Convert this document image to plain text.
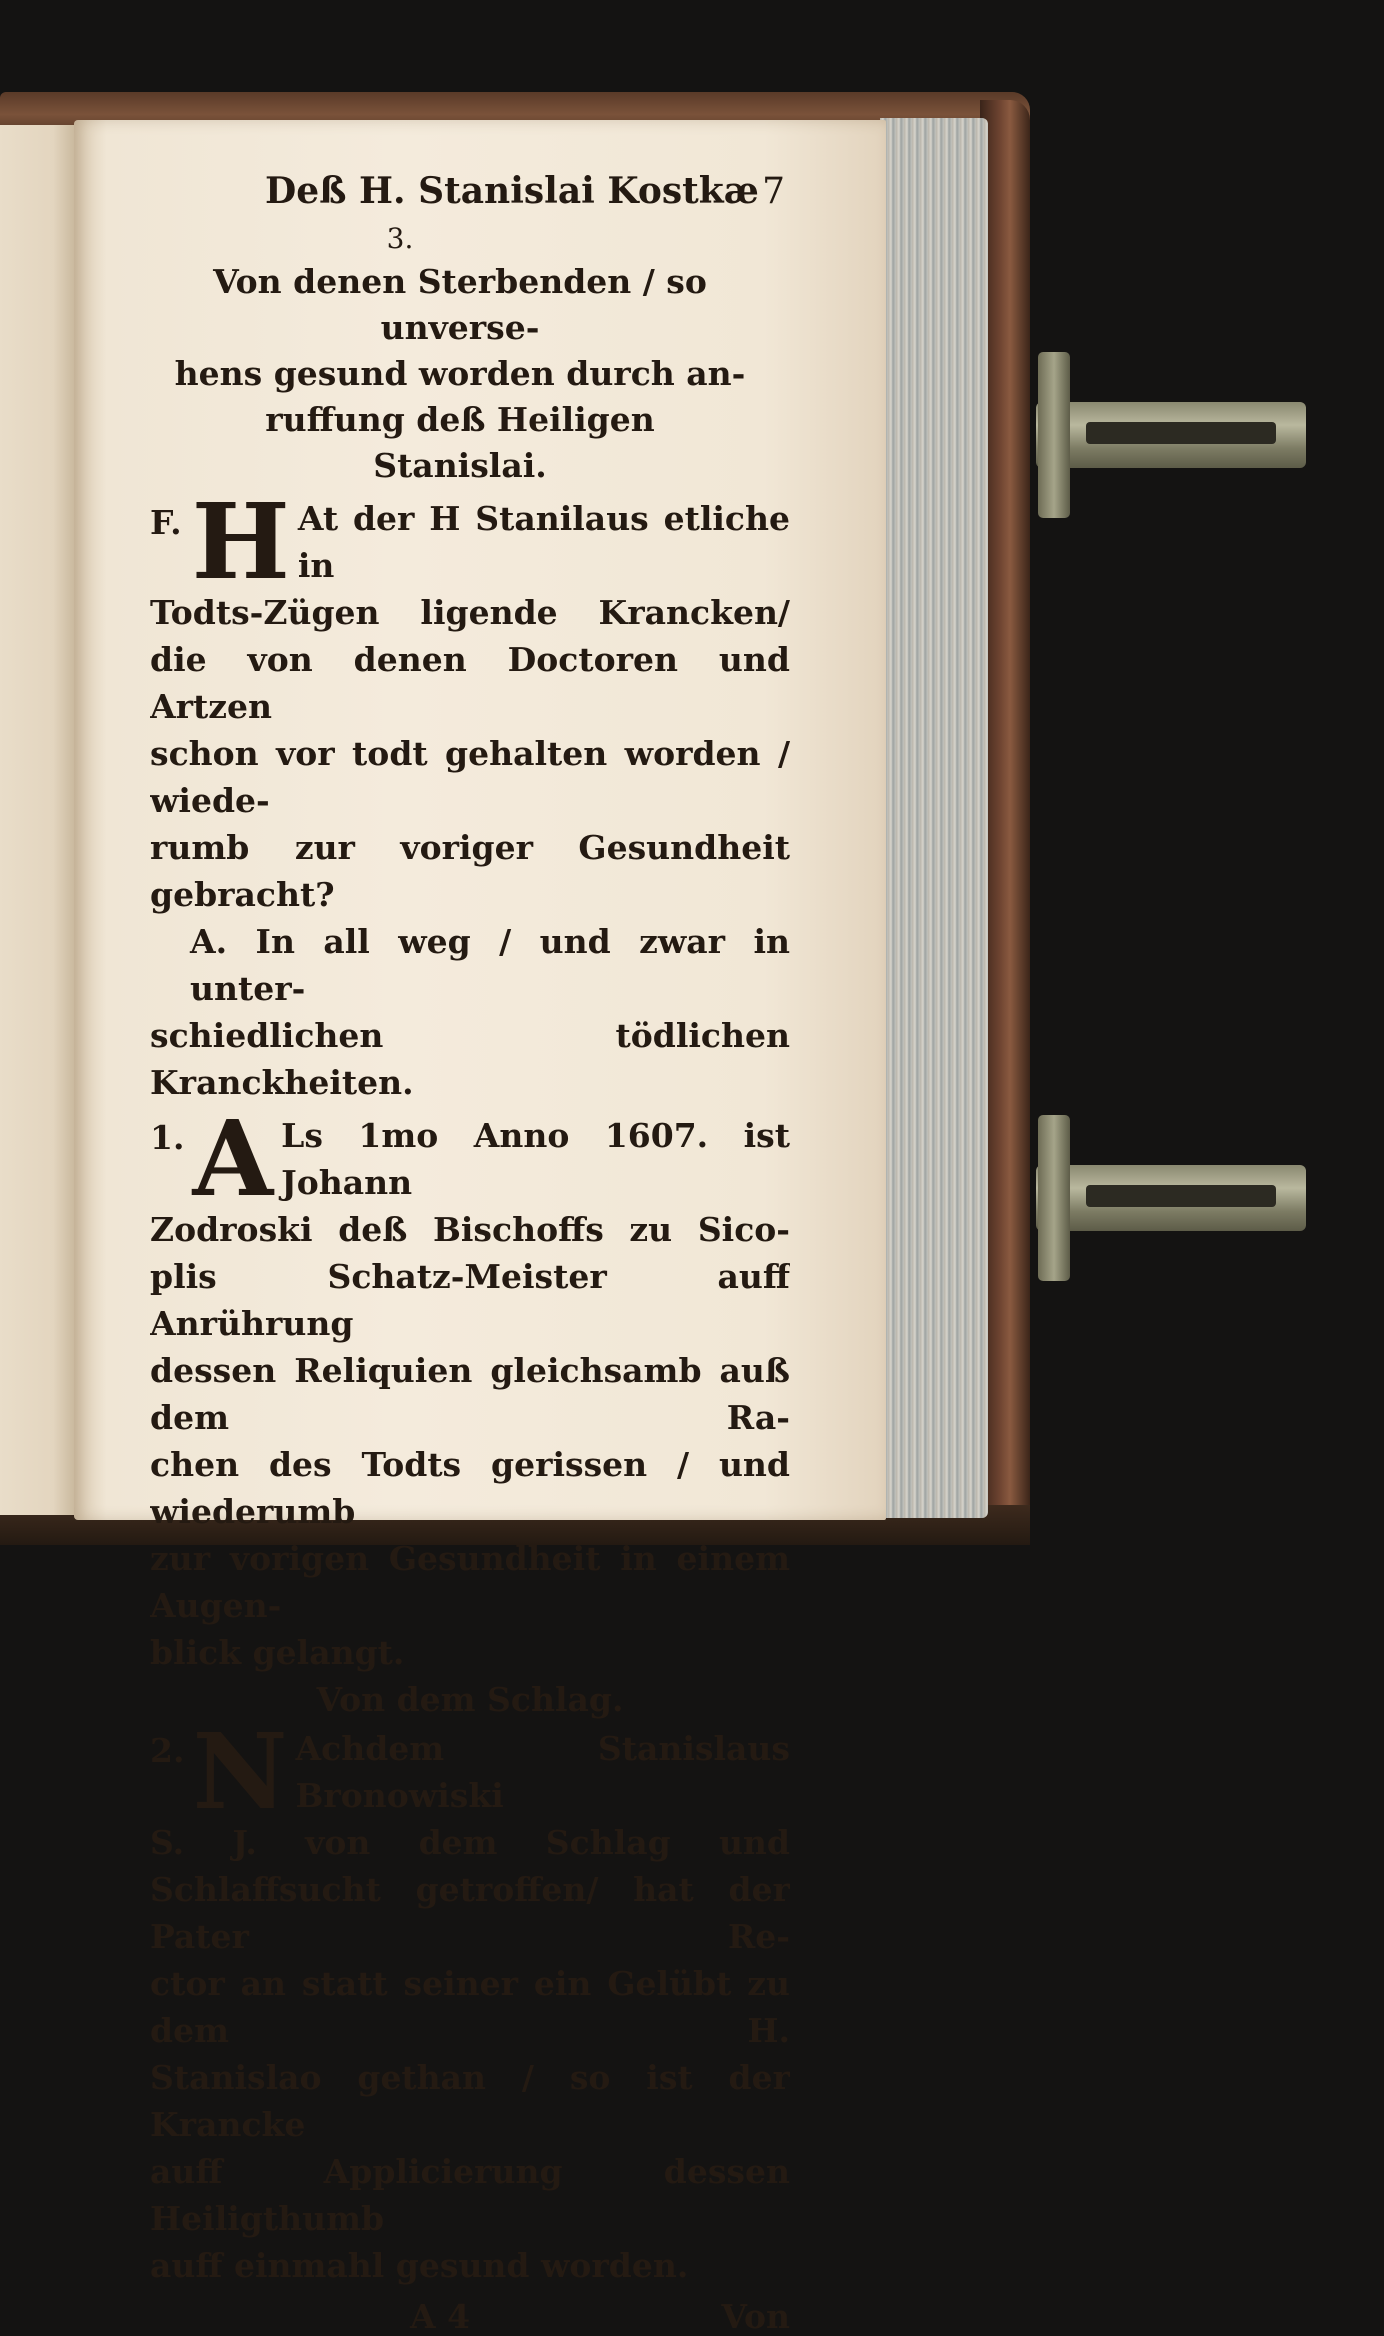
Deß H. Stanislai Kostkæ 7
3.
Von denen Sterbenden / so unverse-
hens gesund worden durch an-
ruffung deß Heiligen
Stanislai.
F. H At der H Stanilaus etliche in
Todts-Zügen ligende Krancken/
die von denen Doctoren und Artzen
schon vor todt gehalten worden / wiede-
rumb zur voriger Gesundheit gebracht?
A. In all weg / und zwar in unter-
schiedlichen tödlichen Kranckheiten.
1. A Ls 1mo Anno 1607. ist Johann
Zodroski deß Bischoffs zu Sico-
plis Schatz-Meister auff Anrührung
dessen Reliquien gleichsamb auß dem Ra-
chen des Todts gerissen / und wiederumb
zur vorigen Gesundheit in einem Augen-
blick gelangt.
Von dem Schlag.
2. N Achdem Stanislaus Bronowiski
S. J. von dem Schlag und
Schlaffsucht getroffen/ hat der Pater Re-
ctor an statt seiner ein Gelübt zu dem H.
Stanislao gethan / so ist der Krancke
auff Applicierung dessen Heiligthumb
auff einmahl gesund worden.
A 4	Von
